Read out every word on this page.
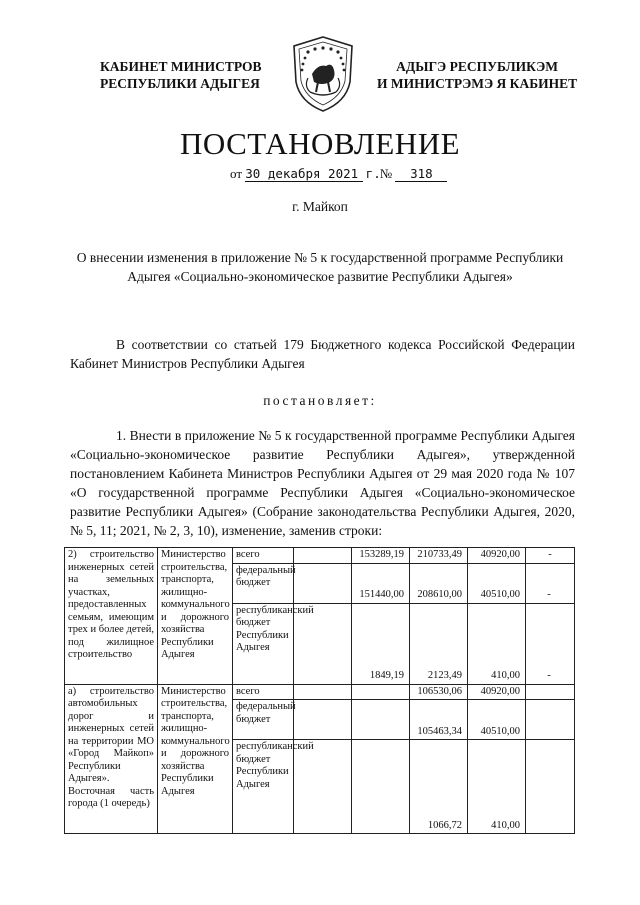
КАБИНЕТ МИНИСТРОВ
РЕСПУБЛИКИ АДЫГЕЯ
АДЫГЭ РЕСПУБЛИКЭМ
И МИНИСТРЭМЭ Я КАБИНЕТ
ПОСТАНОВЛЕНИЕ
от 30 декабря 2021 г.  № 318
г. Майкоп
О внесении изменения в приложение № 5 к государственной программе Республики Адыгея «Социально-экономическое развитие Республики Адыгея»
В соответствии со статьей 179 Бюджетного кодекса Российской Федерации Кабинет Министров Республики Адыгея
постановляет:
1. Внести в приложение № 5 к государственной программе Республики Адыгея «Социально-экономическое развитие Республики Адыгея», утвержденной постановлением Кабинета Министров Республики Адыгея от 29 мая 2020 года № 107 «О государственной программе Республики Адыгея «Социально-экономическое развитие Республики Адыгея» (Собрание законодательства Республики Адыгея, 2020, № 5, 11; 2021, № 2, 3, 10), изменение, заменив строки:
2) строительство инженерных сетей на земельных участках, предоставленных семьям, имеющим трех и более детей, под жилищное строительство	Министерство строительства, транспорта, жилищно-коммунального и дорожного хозяйства Республики Адыгея	всего		153289,19	210733,49	40920,00	-
		федеральный бюджет		151440,00	208610,00	40510,00	-
		республиканский бюджет Республики Адыгея		1849,19	2123,49	410,00	-
а) строительство автомобильных дорог и инженерных сетей на территории МО «Город Майкоп» Республики Адыгея». Восточная часть города (1 очередь)	Министерство строительства, транспорта, жилищно-коммунального и дорожного хозяйства Республики Адыгея	всего			106530,06	40920,00	
		федеральный бюджет			105463,34	40510,00	
		республиканский бюджет Республики Адыгея			1066,72	410,00	
